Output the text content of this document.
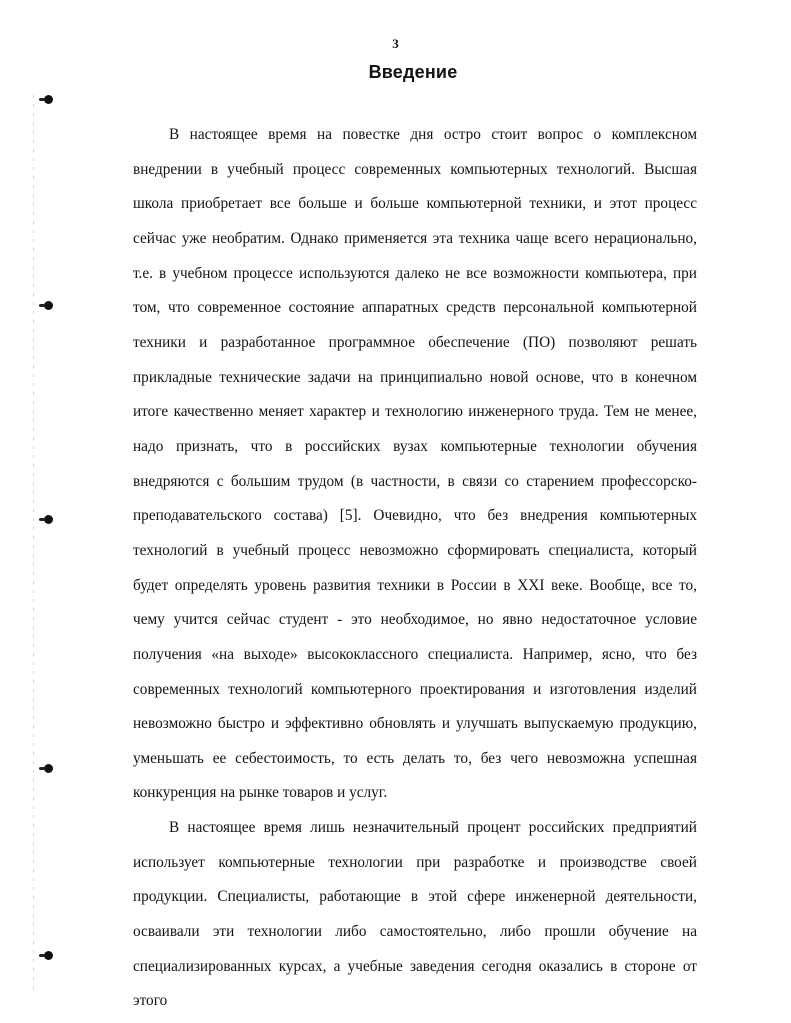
3

Введение

В настоящее время на повестке дня остро стоит вопрос о комплексном внедрении в учебный процесс современных компьютерных технологий. Высшая школа приобретает все больше и больше компьютерной техники, и этот процесс сейчас уже необратим. Однако применяется эта техника чаще всего нерационально, т.е. в учебном процессе используются далеко не все возможности компьютера, при том, что современное состояние аппаратных средств персональной компьютерной техники и разработанное программное обеспечение (ПО) позволяют решать прикладные технические задачи на принципиально новой основе, что в конечном итоге качественно меняет характер и технологию инженерного труда. Тем не менее, надо признать, что в российских вузах компьютерные технологии обучения внедряются с большим трудом (в частности, в связи со старением профессорско-преподавательского состава) [5]. Очевидно, что без внедрения компьютерных технологий в учебный процесс невозможно сформировать специалиста, который будет определять уровень развития техники в России в XXI веке. Вообще, все то, чему учится сейчас студент - это необходимое, но явно недостаточное условие получения «на выходе» высококлассного специалиста. Например, ясно, что без современных технологий компьютерного проектирования и изготовления изделий невозможно быстро и эффективно обновлять и улучшать выпускаемую продукцию, уменьшать ее себестоимость, то есть делать то, без чего невозможна успешная конкуренция на рынке товаров и услуг.

В настоящее время лишь незначительный процент российских предприятий использует компьютерные технологии при разработке и производстве своей продукции. Специалисты, работающие в этой сфере инженерной деятельности, осваивали эти технологии либо самостоятельно, либо прошли обучение на специализированных курсах, а учебные заведения сегодня оказались в стороне от этого
